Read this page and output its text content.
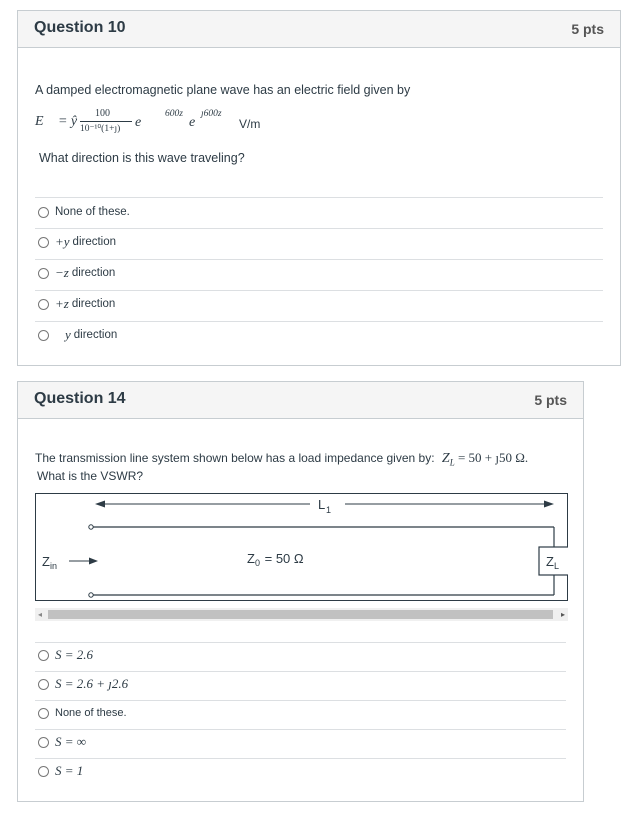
Question 10	5 pts
A damped electromagnetic plane wave has an electric field given by
E⃗ = ŷ
100
10⁻¹⁰(1+ȷ) e
600z
e
ȷ600z
V/m
What direction is this wave traveling?
None of these.
+y direction
−z direction
+z direction
y direction
Question 14	5 pts
The transmission line system shown below has a load impedance given by: $Z_L = 50$ + ȷ50 Ω.
What is the VSWR?
L 1
Z L
Z in	Z 0 = 50 Ω
◂	▸
S = 2.6
S = 2.6 + ȷ2.6
None of these.
S = ∞
S = 1
